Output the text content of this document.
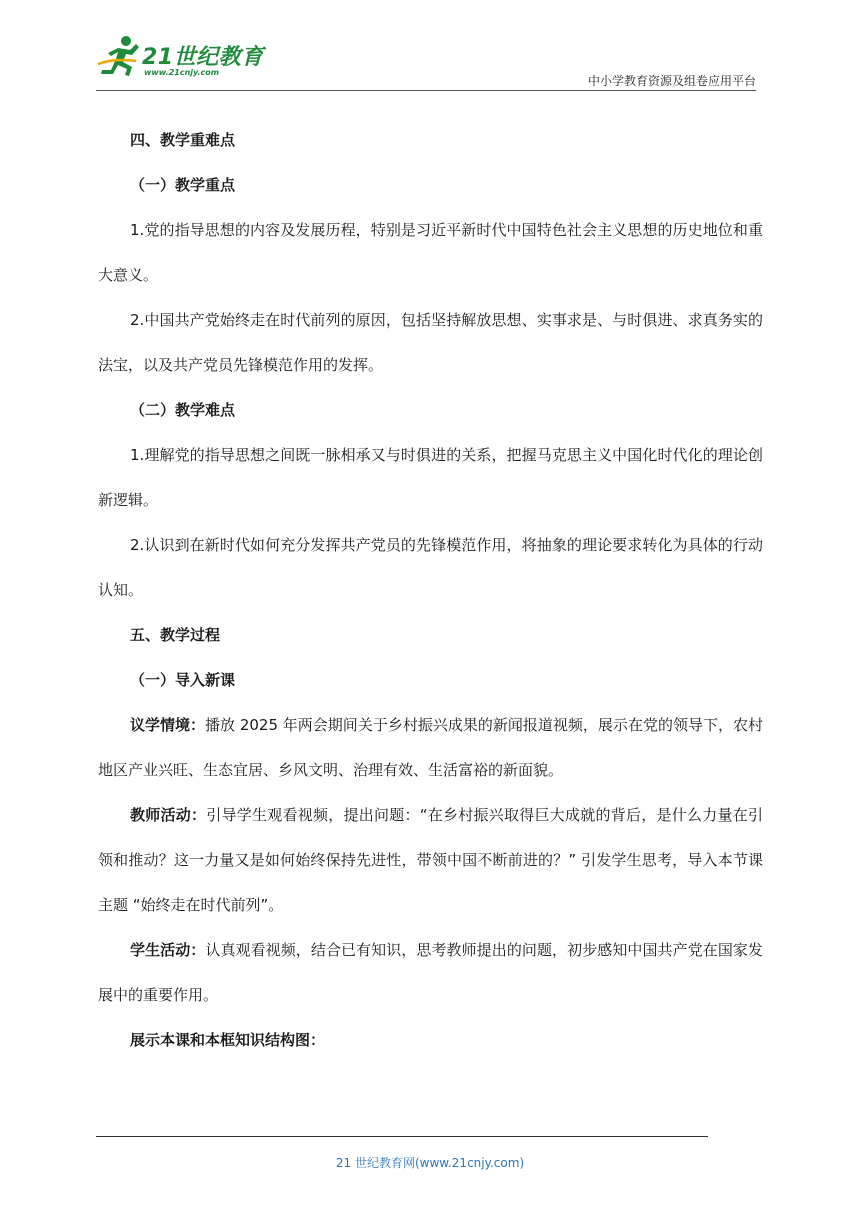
21世纪教育
www.21cnjy.com
中小学教育资源及组卷应用平台

四、教学重难点

（一）教学重点

1.党的指导思想的内容及发展历程，特别是习近平新时代中国特色社会主义思想的历史地位和重大意义。

2.中国共产党始终走在时代前列的原因，包括坚持解放思想、实事求是、与时俱进、求真务实的法宝，以及共产党员先锋模范作用的发挥。

（二）教学难点

1.理解党的指导思想之间既一脉相承又与时俱进的关系，把握马克思主义中国化时代化的理论创新逻辑。

2.认识到在新时代如何充分发挥共产党员的先锋模范作用，将抽象的理论要求转化为具体的行动认知。

五、教学过程

（一）导入新课

议学情境：播放 2025 年两会期间关于乡村振兴成果的新闻报道视频，展示在党的领导下，农村地区产业兴旺、生态宜居、乡风文明、治理有效、生活富裕的新面貌。

教师活动：引导学生观看视频，提出问题：“在乡村振兴取得巨大成就的背后，是什么力量在引领和推动？这一力量又是如何始终保持先进性，带领中国不断前进的？” 引发学生思考，导入本节课主题 “始终走在时代前列”。

学生活动：认真观看视频，结合已有知识，思考教师提出的问题，初步感知中国共产党在国家发展中的重要作用。

展示本课和本框知识结构图：

21 世纪教育网(www.21cnjy.com)
